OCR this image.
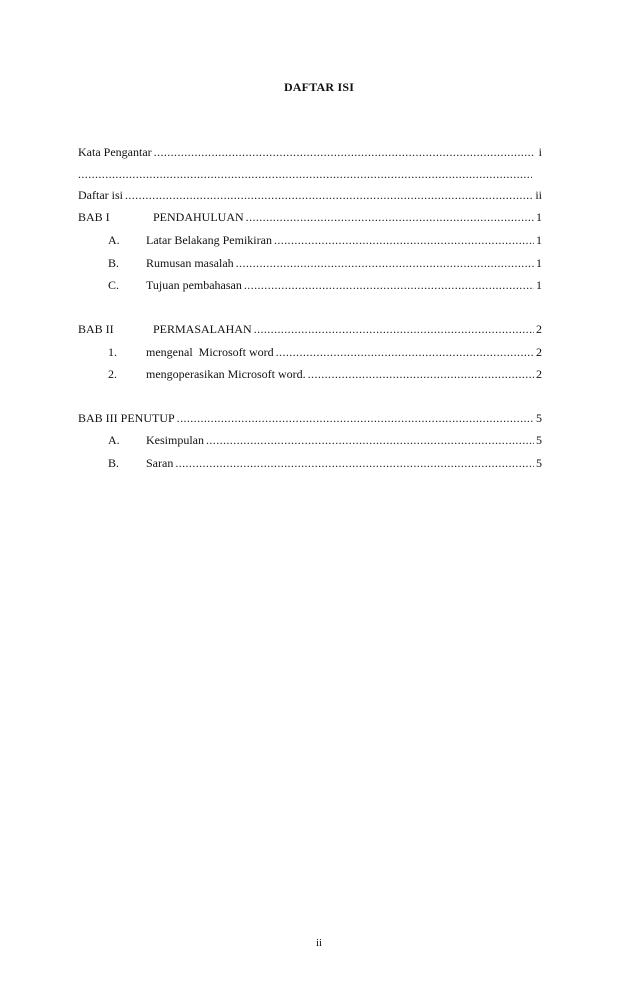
DAFTAR ISI
Kata Pengantar .....	i
.....
Daftar isi .....	ii
BAB I	PENDAHULUAN .....	1
A.	Latar Belakang Pemikiran .....	1
B.	Rumusan masalah .....	1
C.	Tujuan pembahasan .....	1
BAB II	PERMASALAHAN .....	2
1.	mengenal  Microsoft word .....	2
2.	mengoperasikan Microsoft word. .....	2
BAB III PENUTUP .....	5
A.	Kesimpulan .....	5
B.	Saran .....	5
ii
